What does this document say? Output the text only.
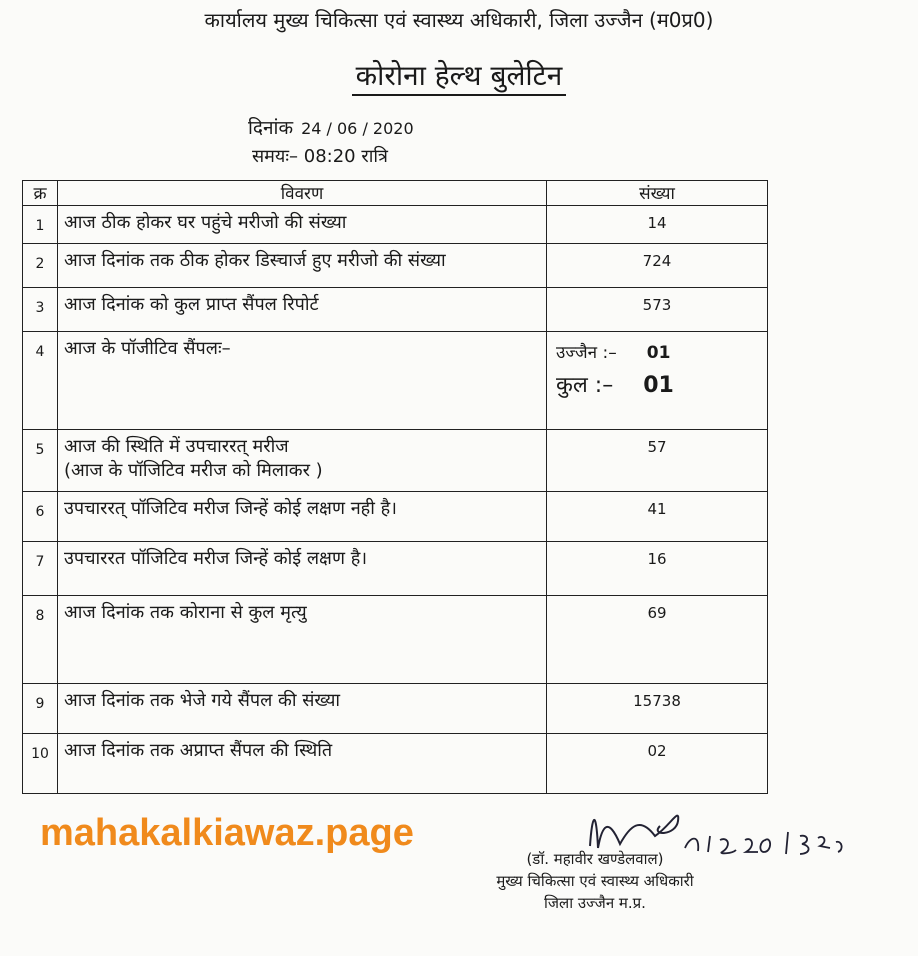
कार्यालय मुख्य चिकित्सा एवं स्वास्थ्य अधिकारी, जिला उज्जैन (म0प्र0)
कोरोना हेल्थ बुलेटिन
दिनांक 24 / 06 / 2020
समयः– 08:20 रात्रि
क्र	विवरण	संख्या
1	आज ठीक होकर घर पहुंचे मरीजो की संख्या	14
2	आज दिनांक तक ठीक होकर डिस्चार्ज हुए मरीजो की संख्या	724
3	आज दिनांक को कुल प्राप्त सैंपल रिपोर्ट	573
4	आज के पॉजीटिव सैंपलः–	उज्जैन :– 01
कुल :– 01

5	आज की स्थिति में उपचाररत् मरीज
(आज के पॉजिटिव मरीज को मिलाकर )	57
6	उपचाररत् पॉजिटिव मरीज जिन्हें कोई लक्षण नही है।	41
7	उपचाररत पॉजिटिव मरीज जिन्हें कोई लक्षण है।	16
8	आज दिनांक तक कोराना से कुल मृत्यु	69
9	आज दिनांक तक भेजे गये सैंपल की संख्या	15738
10	आज दिनांक तक अप्राप्त सैंपल की स्थिति	02
mahakalkiawaz.page
(डॉ. महावीर खण्डेलवाल)
मुख्य चिकित्सा एवं स्वास्थ्य अधिकारी
जिला उज्जैन म.प्र.
